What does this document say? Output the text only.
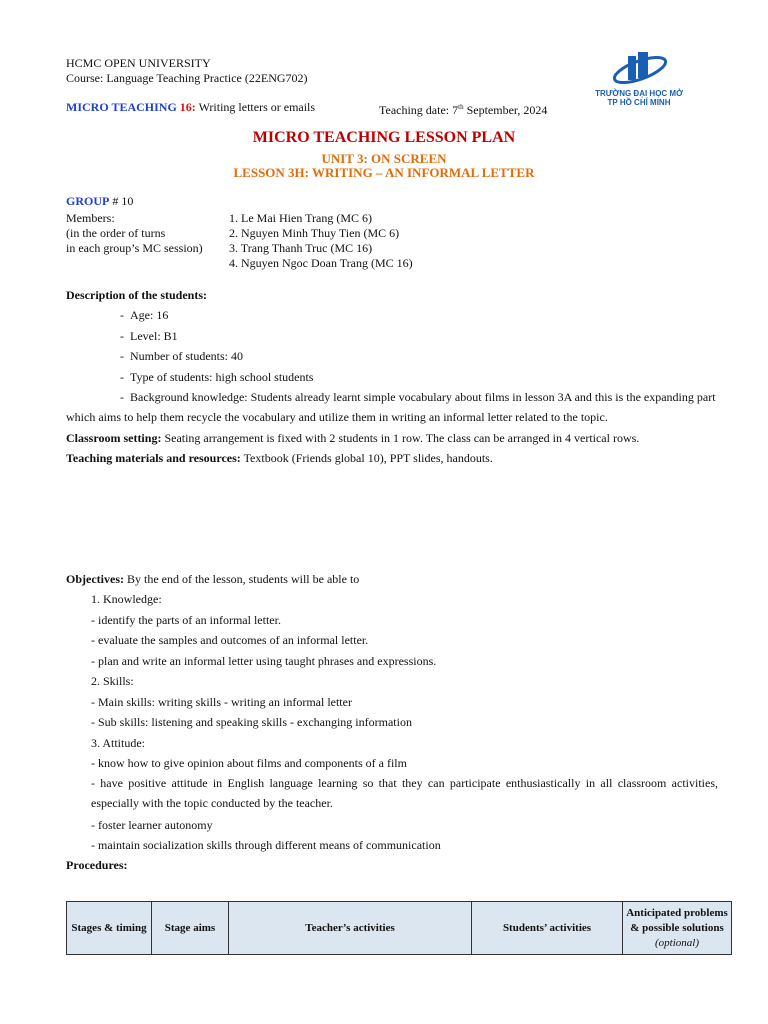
HCMC OPEN UNIVERSITY
Course: Language Teaching Practice (22ENG702)
MICRO TEACHING 16: Writing letters or emails	Teaching date: 7th September, 2024
TRƯỜNG ĐẠI HỌC MỞ TP HỒ CHÍ MINH
MICRO TEACHING LESSON PLAN
UNIT 3: ON SCREEN
LESSON 3H: WRITING – AN INFORMAL LETTER
GROUP # 10
Members:
(in the order of turns
in each group’s MC session)
1. Le Mai Hien Trang (MC 6)
2. Nguyen Minh Thuy Tien (MC 6)
3. Trang Thanh Truc (MC 16)
4. Nguyen Ngoc Doan Trang (MC 16)
Description of the students:
-  Age: 16
-  Level: B1
-  Number of students: 40
-  Type of students: high school students
-  Background knowledge: Students already learnt simple vocabulary about films in lesson 3A and this is the expanding part
which aims to help them recycle the vocabulary and utilize them in writing an informal letter related to the topic.
Classroom setting: Seating arrangement is fixed with 2 students in 1 row. The class can be arranged in 4 vertical rows.
Teaching materials and resources: Textbook (Friends global 10), PPT slides, handouts.
Objectives: By the end of the lesson, students will be able to
1. Knowledge:
- identify the parts of an informal letter.
- evaluate the samples and outcomes of an informal letter.
- plan and write an informal letter using taught phrases and expressions.
2. Skills:
- Main skills: writing skills - writing an informal letter
- Sub skills: listening and speaking skills - exchanging information
3. Attitude:
- know how to give opinion about films and components of a film
- have positive attitude in English language learning so that they can participate enthusiastically in all classroom activities, especially with the topic conducted by the teacher.
- foster learner autonomy
- maintain socialization skills through different means of communication
Procedures:
Stages & timing	Stage aims	Teacher’s activities	Students’ activities	Anticipated problems & possible solutions
(optional)
